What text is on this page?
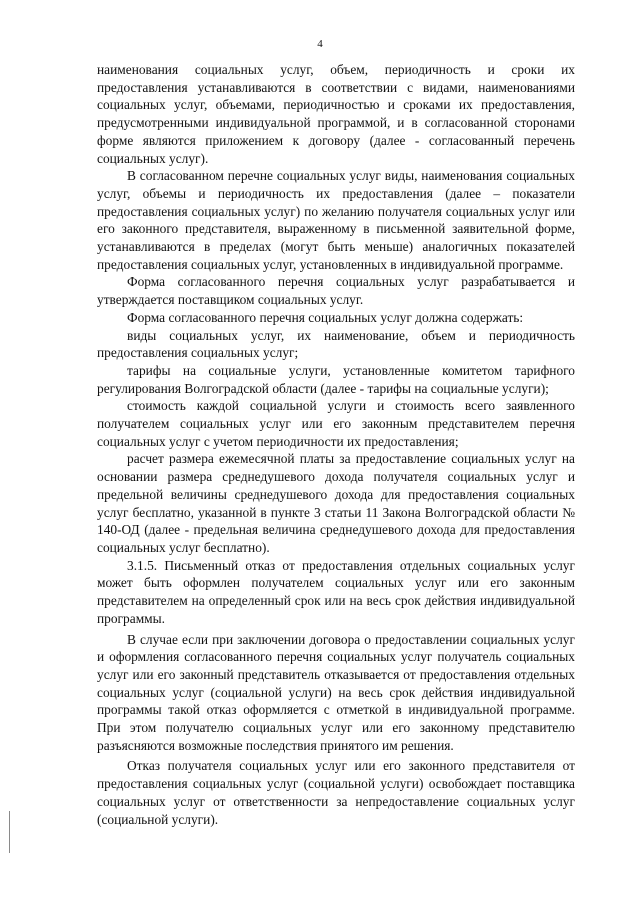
4

наименования социальных услуг, объем, периодичность и сроки их предоставления устанавливаются в соответствии с видами, наименованиями социальных услуг, объемами, периодичностью и сроками их предоставления, предусмотренными индивидуальной программой, и в согласованной сторонами форме являются приложением к договору (далее - согласованный перечень социальных услуг).

В согласованном перечне социальных услуг виды, наименования социальных услуг, объемы и периодичность их предоставления (далее – показатели предоставления социальных услуг) по желанию получателя социальных услуг или его законного представителя, выраженному в письменной заявительной форме, устанавливаются в пределах (могут быть меньше) аналогичных показателей предоставления социальных услуг, установленных в индивидуальной программе.

Форма согласованного перечня социальных услуг разрабатывается и утверждается поставщиком социальных услуг.

Форма согласованного перечня социальных услуг должна содержать:

виды социальных услуг, их наименование, объем и периодичность предоставления социальных услуг;

тарифы на социальные услуги, установленные комитетом тарифного регулирования Волгоградской области (далее - тарифы на социальные услуги);

стоимость каждой социальной услуги и стоимость всего заявленного получателем социальных услуг или его законным представителем перечня социальных услуг с учетом периодичности их предоставления;

расчет размера ежемесячной платы за предоставление социальных услуг на основании размера среднедушевого дохода получателя социальных услуг и предельной величины среднедушевого дохода для предоставления социальных услуг бесплатно, указанной в пункте 3 статьи 11 Закона Волгоградской области № 140-ОД (далее - предельная величина среднедушевого дохода для предоставления социальных услуг бесплатно).

3.1.5. Письменный отказ от предоставления отдельных социальных услуг может быть оформлен получателем социальных услуг или его законным представителем на определенный срок или на весь срок действия индивидуальной программы.

В случае если при заключении договора о предоставлении социальных услуг и оформления согласованного перечня социальных услуг получатель социальных услуг или его законный представитель отказывается от предоставления отдельных социальных услуг (социальной услуги) на весь срок действия индивидуальной программы такой отказ оформляется с отметкой в индивидуальной программе. При этом получателю социальных услуг или его законному представителю разъясняются возможные последствия принятого им решения.

Отказ получателя социальных услуг или его законного представителя от предоставления социальных услуг (социальной услуги) освобождает поставщика социальных услуг от ответственности за непредоставление социальных услуг (социальной услуги).
